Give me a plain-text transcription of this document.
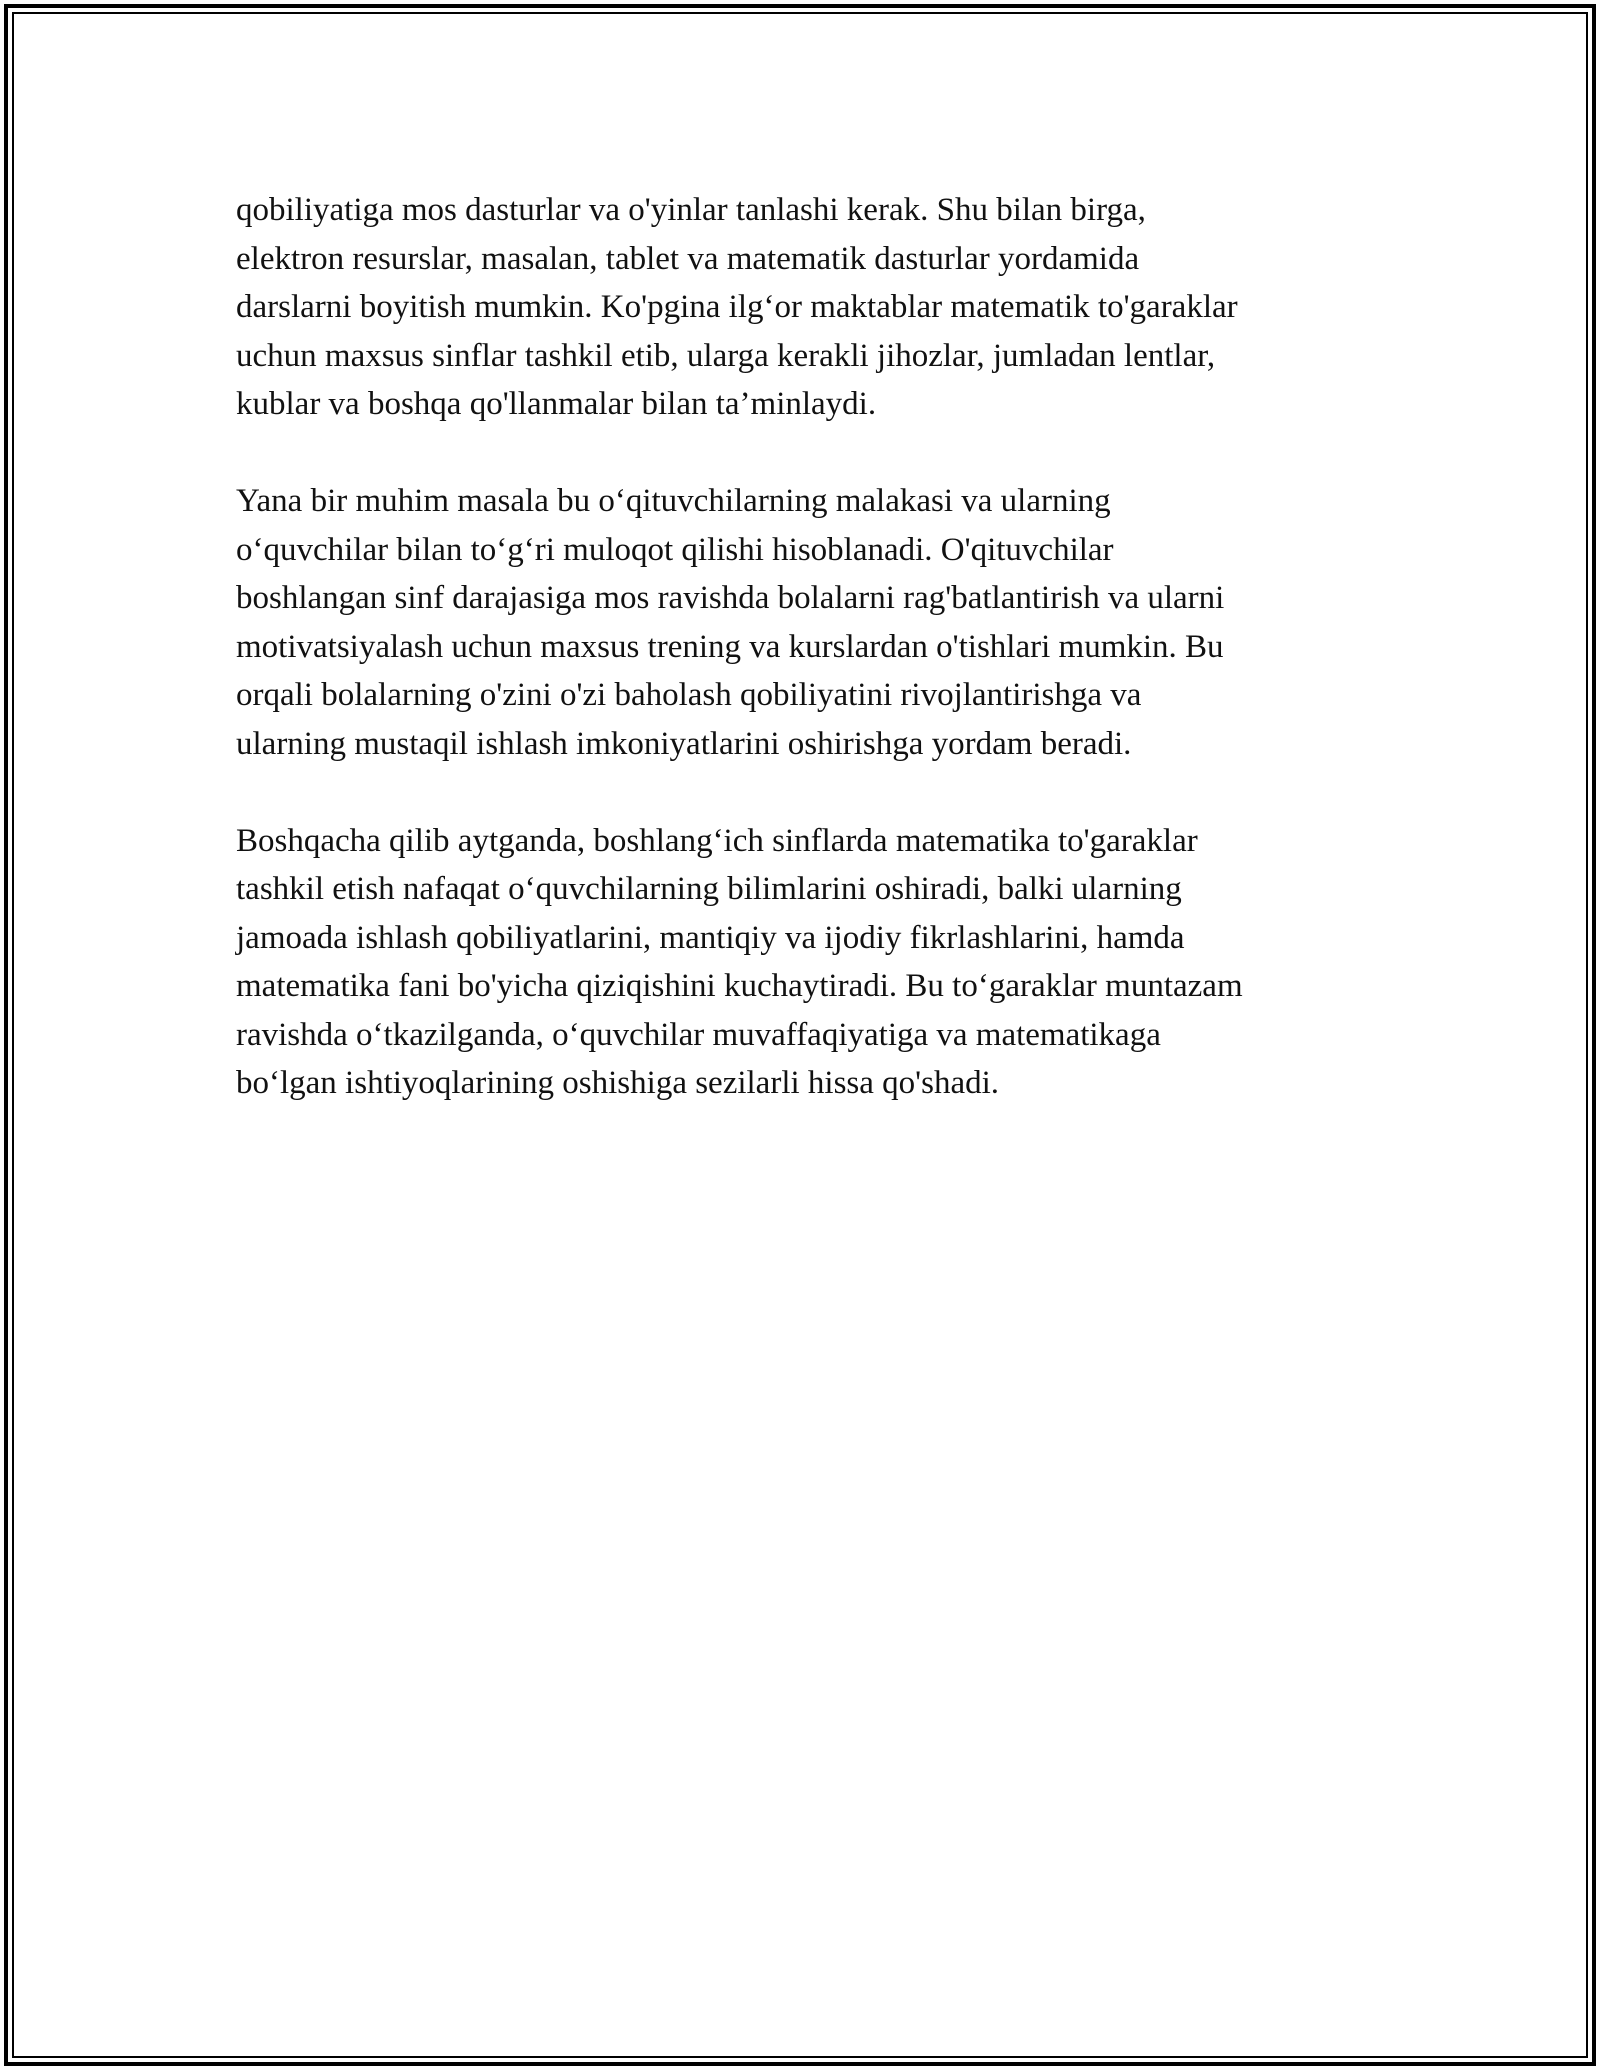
qobiliyatiga mos dasturlar va o'yinlar tanlashi kerak. Shu bilan birga,
elektron resurslar, masalan, tablet va matematik dasturlar yordamida
darslarni boyitish mumkin. Ko'pgina ilg‘or maktablar matematik to'garaklar
uchun maxsus sinflar tashkil etib, ularga kerakli jihozlar, jumladan lentlar,
kublar va boshqa qo'llanmalar bilan ta’minlaydi.

Yana bir muhim masala bu o‘qituvchilarning malakasi va ularning
o‘quvchilar bilan to‘g‘ri muloqot qilishi hisoblanadi. O'qituvchilar
boshlangan sinf darajasiga mos ravishda bolalarni rag'batlantirish va ularni
motivatsiyalash uchun maxsus trening va kurslardan o'tishlari mumkin. Bu
orqali bolalarning o'zini o'zi baholash qobiliyatini rivojlantirishga va
ularning mustaqil ishlash imkoniyatlarini oshirishga yordam beradi.

Boshqacha qilib aytganda, boshlang‘ich sinflarda matematika to'garaklar
tashkil etish nafaqat o‘quvchilarning bilimlarini oshiradi, balki ularning
jamoada ishlash qobiliyatlarini, mantiqiy va ijodiy fikrlashlarini, hamda
matematika fani bo'yicha qiziqishini kuchaytiradi. Bu to‘garaklar muntazam
ravishda o‘tkazilganda, o‘quvchilar muvaffaqiyatiga va matematikaga
bo‘lgan ishtiyoqlarining oshishiga sezilarli hissa qo'shadi.
